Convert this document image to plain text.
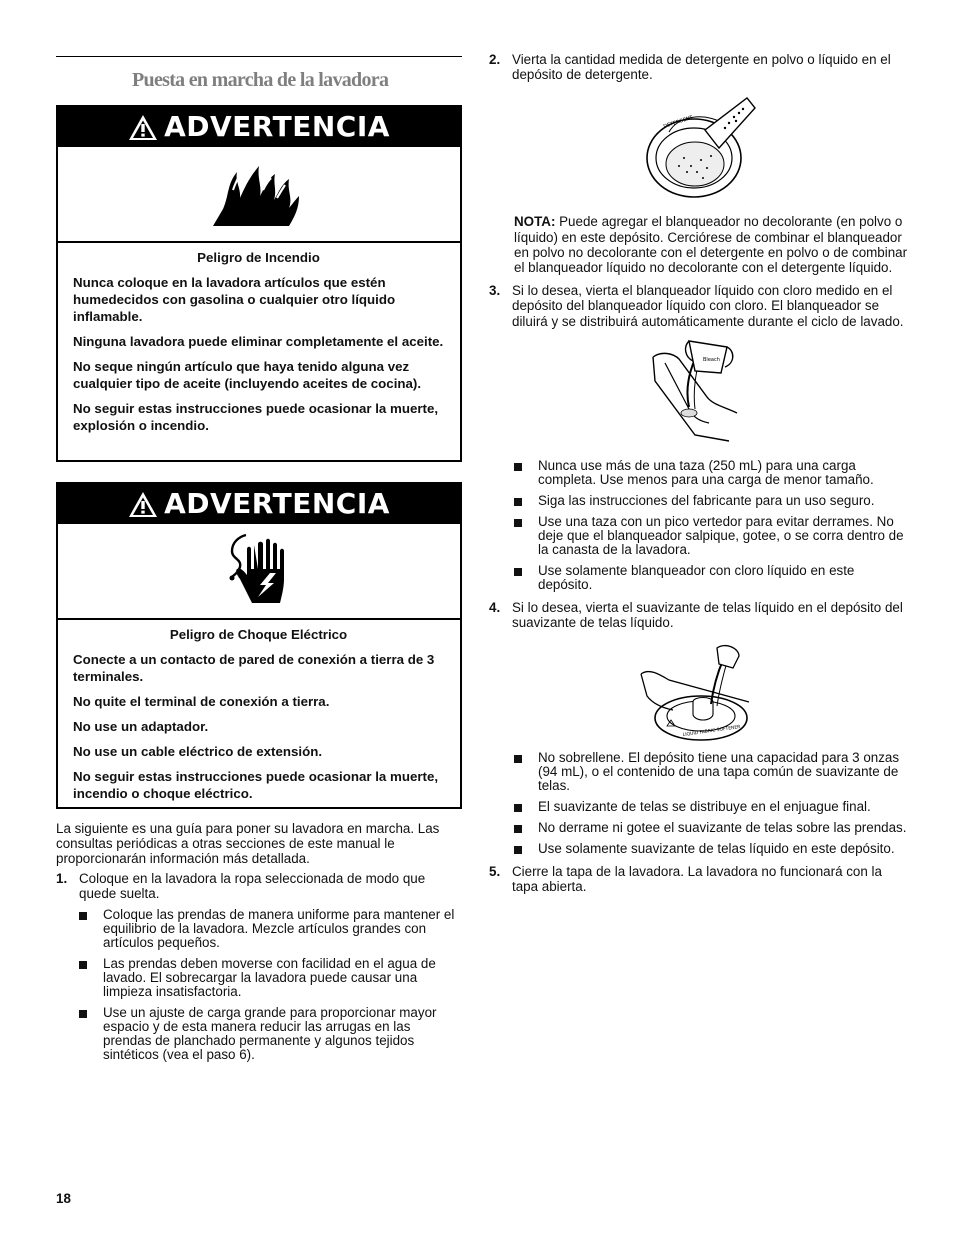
Puesta en marcha de la lavadora
ADVERTENCIA
Peligro de Incendio

Nunca coloque en la lavadora artículos que estén humedecidos con gasolina o cualquier otro líquido inflamable.

Ninguna lavadora puede eliminar completamente el aceite.

No seque ningún artículo que haya tenido alguna vez cualquier tipo de aceite (incluyendo aceites de cocina).

No seguir estas instrucciones puede ocasionar la muerte, explosión o incendio.

ADVERTENCIA
Peligro de Choque Eléctrico

Conecte a un contacto de pared de conexión a tierra de 3 terminales.

No quite el terminal de conexión a tierra.

No use un adaptador.

No use un cable eléctrico de extensión.

No seguir estas instrucciones puede ocasionar la muerte, incendio o choque eléctrico.

La siguiente es una guía para poner su lavadora en marcha. Las consultas periódicas a otras secciones de este manual le proporcionarán información más detallada.

1. Coloque en la lavadora la ropa seleccionada de modo que quede suelta.
Coloque las prendas de manera uniforme para mantener el equilibrio de la lavadora. Mezcle artículos grandes con artículos pequeños.
Las prendas deben moverse con facilidad en el agua de lavado. El sobrecargar la lavadora puede causar una limpieza insatisfactoria.
Use un ajuste de carga grande para proporcionar mayor espacio y de esta manera reducir las arrugas en las prendas de planchado permanente y algunos tejidos sintéticos (vea el paso 6).
2. Vierta la cantidad medida de detergente en polvo o líquido en el depósito de detergente.
DETERGENT

NOTA: Puede agregar el blanqueador no decolorante (en polvo o líquido) en este depósito. Cerciórese de combinar el blanqueador en polvo no decolorante con el detergente en polvo o de combinar el blanqueador líquido no decolorante con el detergente líquido.

3. Si lo desea, vierta el blanqueador líquido con cloro medido en el depósito del blanqueador líquido con cloro. El blanqueador se diluirá y se distribuirá automáticamente durante el ciclo de lavado.
Bleach
Nunca use más de una taza (250 mL) para una carga completa. Use menos para una carga de menor tamaño.
Siga las instrucciones del fabricante para un uso seguro.
Use una taza con un pico vertedor para evitar derrames. No deje que el blanqueador salpique, gotee, o se corra dentro de la canasta de la lavadora.
Use solamente blanqueador con cloro líquido en este depósito.
4. Si lo desea, vierta el suavizante de telas líquido en el depósito del suavizante de telas líquido.
LIQUID FABRIC SOFTENER
No sobrellene. El depósito tiene una capacidad para 3 onzas (94 mL), o el contenido de una tapa común de suavizante de telas.
El suavizante de telas se distribuye en el enjuague final.
No derrame ni gotee el suavizante de telas sobre las prendas.
Use solamente suavizante de telas líquido en este depósito.
5. Cierre la tapa de la lavadora. La lavadora no funcionará con la tapa abierta.
18
